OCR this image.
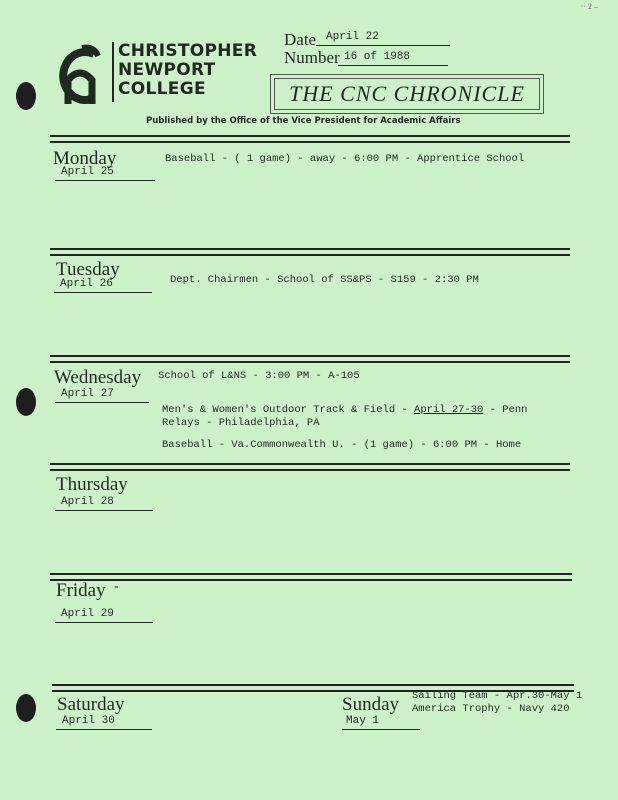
·· 2 –
CHRISTOPHER
NEWPORT
COLLEGE
Date April 22
Number 16 of 1988
THE CNC CHRONICLE
Published by the Office of the Vice President for Academic Affairs
Monday
April 25
Baseball - ( 1 game) - away - 6:00 PM - Apprentice School
Tuesday
April 26	Dept. Chairmen - School of SS&PS - S159 - 2:30 PM
Wednesday
April 27
School of L&NS - 3:00 PM - A-105
Men's & Women's Outdoor Track & Field - April 27-30 - Penn
Relays - Philadelphia, PA
Baseball - Va.Commonwealth U. - (1 game) - 6:00 PM - Home
Thursday
April 28
Friday -
April 29
Saturday
April 30
Sunday
May 1
Sailing Team - Apr.30-May 1
America Trophy - Navy 420
